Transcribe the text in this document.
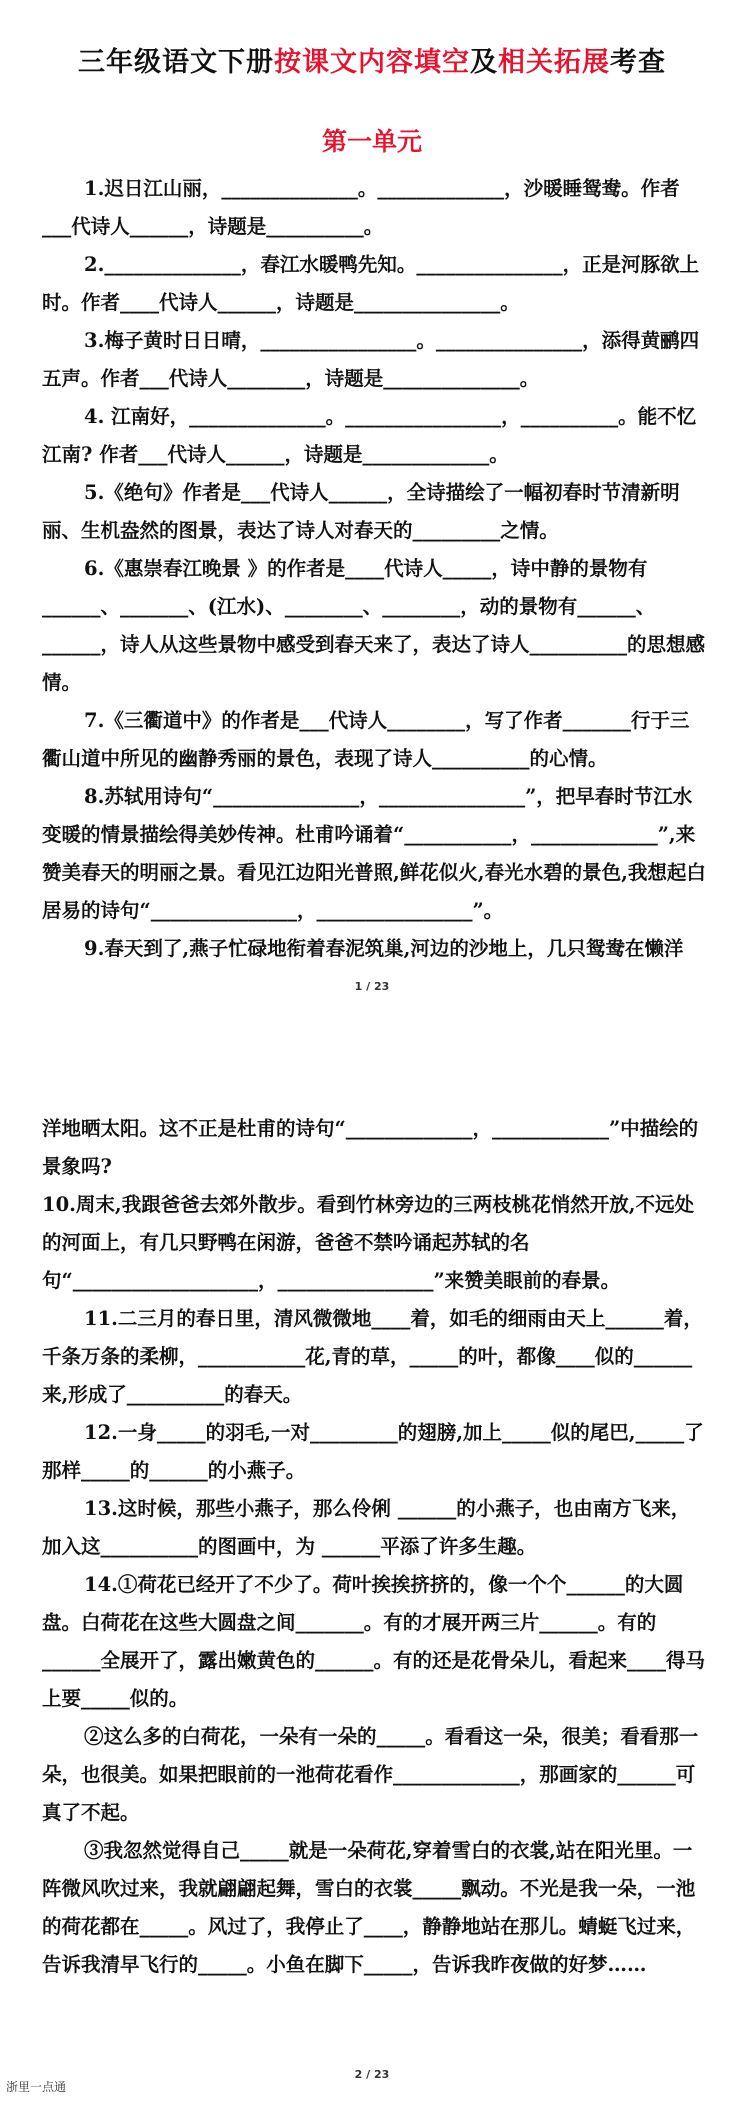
三年级语文下册按课文内容填空及相关拓展考查
第一单元

1.迟日江山丽，______________。_____________，沙暖睡鸳鸯。作者___代诗人______，诗题是__________。

2.______________，春江水暖鸭先知。_______________，正是河豚欲上时。作者____代诗人______，诗题是_______________。

3.梅子黄时日日晴，________________。_______________，添得黄鹂四五声。作者___代诗人________，诗题是______________。

4. 江南好，______________。________________，__________。能不忆江南? 作者___代诗人______，诗题是_____________。

5.《绝句》作者是___代诗人______，全诗描绘了一幅初春时节清新明丽、生机盎然的图景，表达了诗人对春天的_________之情。

6.《惠崇春江晚景 》的作者是____代诗人_____，诗中静的景物有______、_______、(江水)、________、________，动的景物有______、______，诗人从这些景物中感受到春天来了，表达了诗人__________的思想感情。

7.《三衢道中》的作者是___代诗人________，写了作者_______行于三衢山道中所见的幽静秀丽的景色，表现了诗人__________的心情。

8.苏轼用诗句“_______________，_______________”，把早春时节江水变暖的情景描绘得美妙传神。杜甫吟诵着“___________，_____________”,来赞美春天的明丽之景。看见江边阳光普照,鲜花似火,春光水碧的景色,我想起白居易的诗句“_______________，________________”。

9.春天到了,燕子忙碌地衔着春泥筑巢,河边的沙地上，几只鸳鸯在懒洋

1 / 23

洋地晒太阳。这不正是杜甫的诗句“_____________，____________”中描绘的景象吗?

10.周末,我跟爸爸去郊外散步。看到竹林旁边的三两枝桃花悄然开放,不远处的河面上，有几只野鸭在闲游，爸爸不禁吟诵起苏轼的名句“___________________，________________”来赞美眼前的春景。

11.二三月的春日里，清风微微地____着，如毛的细雨由天上______着，千条万条的柔柳，___________花,青的草，_____的叶，都像____似的______来,形成了__________的春天。

12.一身_____的羽毛,一对_________的翅膀,加上_____似的尾巴,_____了那样_____的______的小燕子。

13.这时候，那些小燕子，那么伶俐 ______的小燕子，也由南方飞来，加入这__________的图画中，为 ______平添了许多生趣。

14.①荷花已经开了不少了。荷叶挨挨挤挤的，像一个个______的大圆盘。白荷花在这些大圆盘之间_______。有的才展开两三片______。有的______全展开了，露出嫩黄色的______。有的还是花骨朵儿，看起来____得马上要_____似的。

②这么多的白荷花，一朵有一朵的_____。看看这一朵，很美；看看那一朵，也很美。如果把眼前的一池荷花看作_____________，那画家的______可真了不起。

③我忽然觉得自己_____就是一朵荷花,穿着雪白的衣裳,站在阳光里。一阵微风吹过来，我就翩翩起舞，雪白的衣裳_____飘动。不光是我一朵，一池的荷花都在_____。风过了，我停止了____，静静地站在那儿。蜻蜓飞过来，告诉我清早飞行的_____。小鱼在脚下_____，告诉我昨夜做的好梦……

2 / 23
浙里一点通
